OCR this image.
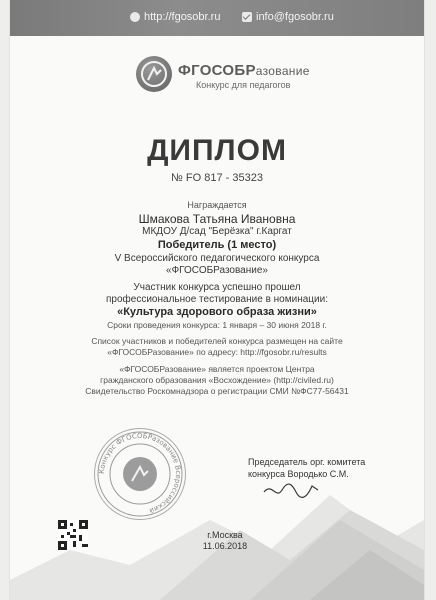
http://fgosobr.ru	info@fgosobr.ru
ФГОСОБРазование
Конкурс для педагогов
ДИПЛОМ
№ FO 817 - 35323
Награждается
Шмакова Татьяна Ивановна
МКДОУ Д/сад "Берёзка" г.Каргат
Победитель (1 место)
V Всероссийского педагогического конкурса
«ФГОСОБРазование»
Участник конкурса успешно прошел
профессиональное тестирование в номинации:
«Культура здорового образа жизни»
Сроки проведения конкурса: 1 января – 30 июня 2018 г.
Список участников и победителей конкурса размещен на сайте
«ФГОСОБРазование» по адресу: http://fgosobr.ru/results
«ФГОСОБРазование» является проектом Центра
гражданского образования «Восхождение» (http://civiled.ru)
Свидетельство Роскомнадзора о регистрации СМИ №ФС77-56431
Конкурс ФГОСОБРазование Всероссийский
Председатель орг. комитета
конкурса Вородько С.М.
г.Москва
11.06.2018
